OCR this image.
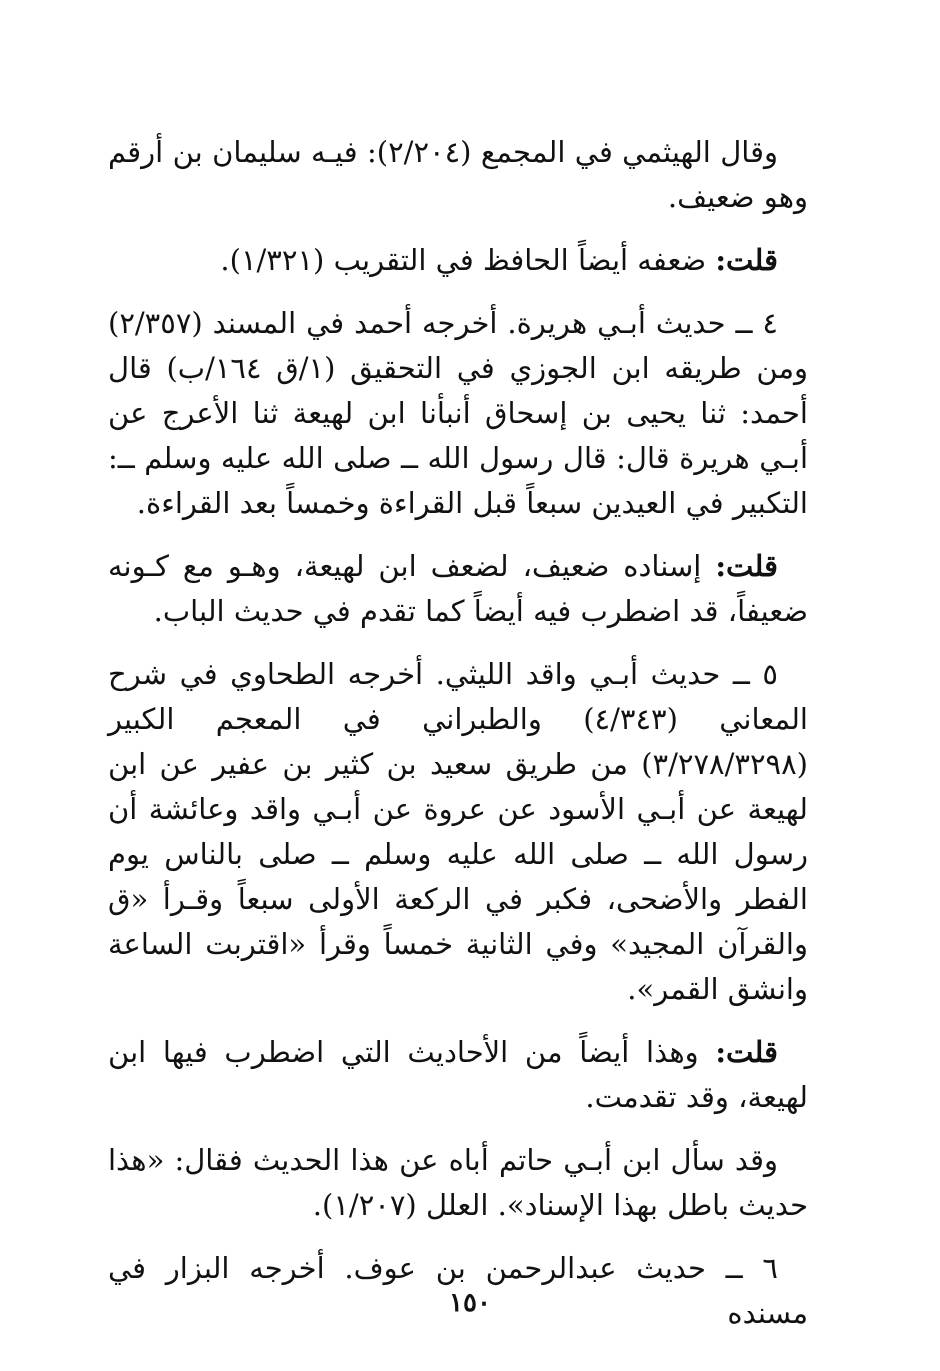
وقال الهيثمي في المجمع (٢/٢٠٤): فيـه سليمان بن أرقم وهو ضعيف.

قلت: ضعفه أيضاً الحافظ في التقريب (١/٣٢١).

٤ ــ حديث أبـي هريرة. أخرجه أحمد في المسند (٢/٣٥٧) ومن طريقه ابن الجوزي في التحقيق (١/ق ١٦٤/ب) قال أحمد: ثنا يحيى بن إسحاق أنبأنا ابن لهيعة ثنا الأعرج عن أبـي هريرة قال: قال رسول الله ــ صلى الله عليه وسلم ــ: التكبير في العيدين سبعاً قبل القراءة وخمساً بعد القراءة.

قلت: إسناده ضعيف، لضعف ابن لهيعة، وهـو مع كـونه ضعيفاً، قد اضطرب فيه أيضاً كما تقدم في حديث الباب.

٥ ــ حديث أبـي واقد الليثي. أخرجه الطحاوي في شرح المعاني (٤/٣٤٣) والطبراني في المعجم الكبير (٣/٢٧٨/٣٢٩٨) من طريق سعيد بن كثير بن عفير عن ابن لهيعة عن أبـي الأسود عن عروة عن أبـي واقد وعائشة أن رسول الله ــ صلى الله عليه وسلم ــ صلى بالناس يوم الفطر والأضحى، فكبر في الركعة الأولى سبعاً وقـرأ «ق والقرآن المجيد» وفي الثانية خمساً وقرأ «اقتربت الساعة وانشق القمر».

قلت: وهذا أيضاً من الأحاديث التي اضطرب فيها ابن لهيعة، وقد تقدمت.

وقد سأل ابن أبـي حاتم أباه عن هذا الحديث فقال: «هذا حديث باطل بهذا الإسناد». العلل (١/٢٠٧).

٦ ــ حديث عبدالرحمن بن عوف. أخرجه البزار في مسنده

١٥٠
